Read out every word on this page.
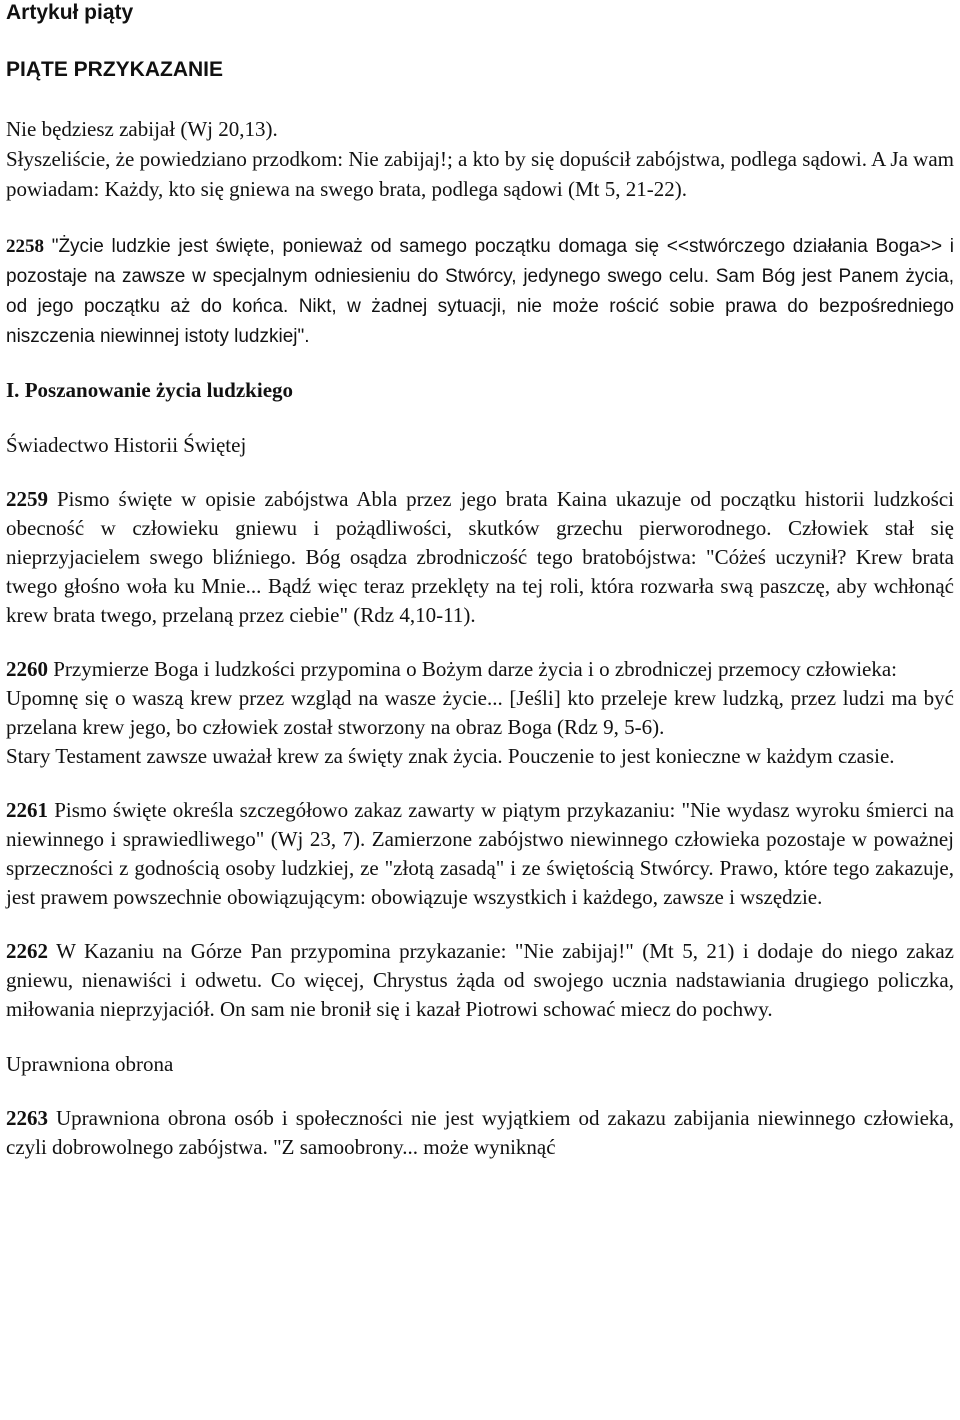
Artykuł piąty
PIĄTE PRZYKAZANIE
Nie będziesz zabijał (Wj 20,13).
Słyszeliście, że powiedziano przodkom: Nie zabijaj!; a kto by się dopuścił zabójstwa, podlega sądowi. A Ja wam powiadam: Każdy, kto się gniewa na swego brata, podlega sądowi (Mt 5, 21-22).

2258 "Życie ludzkie jest święte, ponieważ od samego początku domaga się <<stwórczego działania Boga>> i pozostaje na zawsze w specjalnym odniesieniu do Stwórcy, jedynego swego celu. Sam Bóg jest Panem życia, od jego początku aż do końca. Nikt, w żadnej sytuacji, nie może rościć sobie prawa do bezpośredniego niszczenia niewinnej istoty ludzkiej".

I. Poszanowanie życia ludzkiego
Świadectwo Historii Świętej

2259 Pismo święte w opisie zabójstwa Abla przez jego brata Kaina ukazuje od początku historii ludzkości obecność w człowieku gniewu i pożądliwości, skutków grzechu pierworodnego. Człowiek stał się nieprzyjacielem swego bliźniego. Bóg osądza zbrodniczość tego bratobójstwa: "Cóżeś uczynił? Krew brata twego głośno woła ku Mnie... Bądź więc teraz przeklęty na tej roli, która rozwarła swą paszczę, aby wchłonąć krew brata twego, przelaną przez ciebie" (Rdz 4,10-11).

2260 Przymierze Boga i ludzkości przypomina o Bożym darze życia i o zbrodniczej przemocy człowieka:
Upomnę się o waszą krew przez wzgląd na wasze życie... [Jeśli] kto przeleje krew ludzką, przez ludzi ma być przelana krew jego, bo człowiek został stworzony na obraz Boga (Rdz 9, 5-6).
Stary Testament zawsze uważał krew za święty znak życia. Pouczenie to jest konieczne w każdym czasie.

2261 Pismo święte określa szczegółowo zakaz zawarty w piątym przykazaniu: "Nie wydasz wyroku śmierci na niewinnego i sprawiedliwego" (Wj 23, 7). Zamierzone zabójstwo niewinnego człowieka pozostaje w poważnej sprzeczności z godnością osoby ludzkiej, ze "złotą zasadą" i ze świętością Stwórcy. Prawo, które tego zakazuje, jest prawem powszechnie obowiązującym: obowiązuje wszystkich i każdego, zawsze i wszędzie.

2262 W Kazaniu na Górze Pan przypomina przykazanie: "Nie zabijaj!" (Mt 5, 21) i dodaje do niego zakaz gniewu, nienawiści i odwetu. Co więcej, Chrystus żąda od swojego ucznia nadstawiania drugiego policzka, miłowania nieprzyjaciół. On sam nie bronił się i kazał Piotrowi schować miecz do pochwy.

Uprawniona obrona

2263 Uprawniona obrona osób i społeczności nie jest wyjątkiem od zakazu zabijania niewinnego człowieka, czyli dobrowolnego zabójstwa. "Z samoobrony... może wyniknąć
